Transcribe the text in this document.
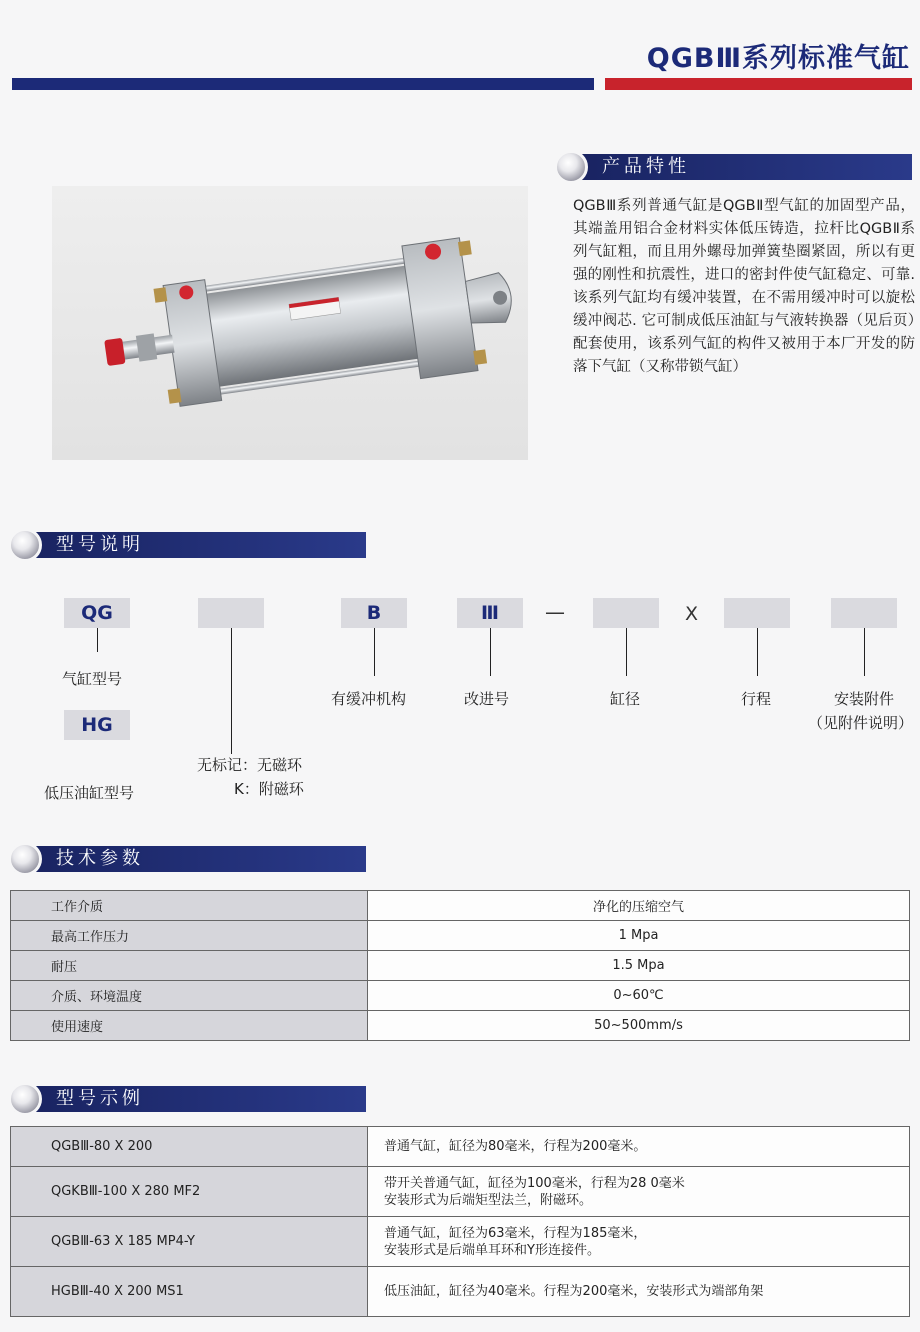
QGBⅢ系列标准气缸
产品特性
QGBⅢ系列普通气缸是QGBⅡ型气缸的加固型产品，其端盖用铝合金材料实体低压铸造，拉杆比QGBⅡ系列气缸粗，而且用外螺母加弹簧垫圈紧固，所以有更强的刚性和抗震性，进口的密封件使气缸稳定、可靠. 该系列气缸均有缓冲装置，在不需用缓冲时可以旋松缓冲阀芯. 它可制成低压油缸与气液转换器（见后页）配套使用，该系列气缸的构件又被用于本厂开发的防落下气缸（又称带锁气缸）
型号说明
QG	B	Ⅲ	—	X
HG
气缸型号
低压油缸型号
无标记：无磁环
K：附磁环
有缓冲机构	改进号	缸径	行程	安装附件
（见附件说明）
技术参数
工作介质	净化的压缩空气
最高工作压力	1 Mpa
耐压	1.5 Mpa
介质、环境温度	0~60℃
使用速度	50~500mm/s
型号示例
QGBⅢ-80 X 200	普通气缸，缸径为80毫米，行程为200毫米。

QGKBⅢ-100 X 280 MF2	带开关普通气缸，缸径为100毫米，行程为28 0毫米
安装形式为后端矩型法兰，附磁环。

QGBⅢ-63 X 185 MP4-Y	普通气缸，缸径为63毫米，行程为185毫米，
安装形式是后端单耳环和Y形连接件。

HGBⅢ-40 X 200 MS1	低压油缸，缸径为40毫米。行程为200毫米，安装形式为端部角架
